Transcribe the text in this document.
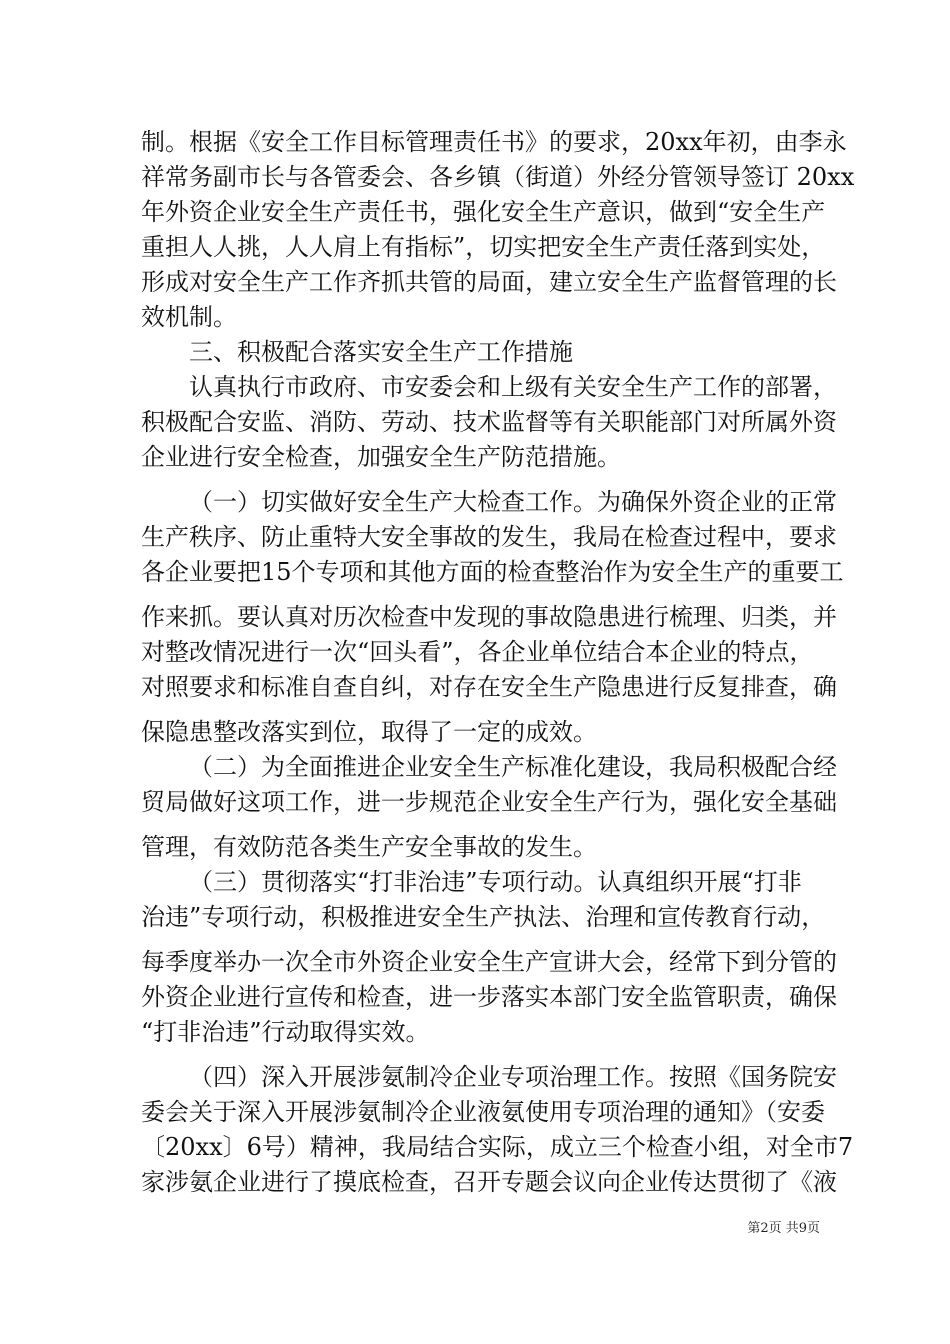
制。根据《安全工作目标管理责任书》的要求，20xx年初，由李永
祥常务副市长与各管委会、各乡镇（街道）外经分管领导签订 20xx
年外资企业安全生产责任书，强化安全生产意识，做到“安全生产
重担人人挑，人人肩上有指标”，切实把安全生产责任落到实处，
形成对安全生产工作齐抓共管的局面，建立安全生产监督管理的长
效机制。
三、积极配合落实安全生产工作措施
认真执行市政府、市安委会和上级有关安全生产工作的部署，
积极配合安监、消防、劳动、技术监督等有关职能部门对所属外资
企业进行安全检查，加强安全生产防范措施。
（一）切实做好安全生产大检查工作。为确保外资企业的正常
生产秩序、防止重特大安全事故的发生，我局在检查过程中，要求
各企业要把15个专项和其他方面的检查整治作为安全生产的重要工
作来抓。要认真对历次检查中发现的事故隐患进行梳理、归类，并
对整改情况进行一次“回头看”，各企业单位结合本企业的特点，
对照要求和标准自查自纠，对存在安全生产隐患进行反复排查，确
保隐患整改落实到位，取得了一定的成效。
（二）为全面推进企业安全生产标准化建设，我局积极配合经
贸局做好这项工作，进一步规范企业安全生产行为，强化安全基础
管理，有效防范各类生产安全事故的发生。
（三）贯彻落实“打非治违”专项行动。认真组织开展“打非
治违”专项行动，积极推进安全生产执法、治理和宣传教育行动，
每季度举办一次全市外资企业安全生产宣讲大会，经常下到分管的
外资企业进行宣传和检查，进一步落实本部门安全监管职责，确保
“打非治违”行动取得实效。
（四）深入开展涉氨制冷企业专项治理工作。按照《国务院安
委会关于深入开展涉氨制冷企业液氨使用专项治理的通知》（安委
〔20xx〕6号）精神，我局结合实际，成立三个检查小组，对全市7
家涉氨企业进行了摸底检查，召开专题会议向企业传达贯彻了《液
第2页 共9页
